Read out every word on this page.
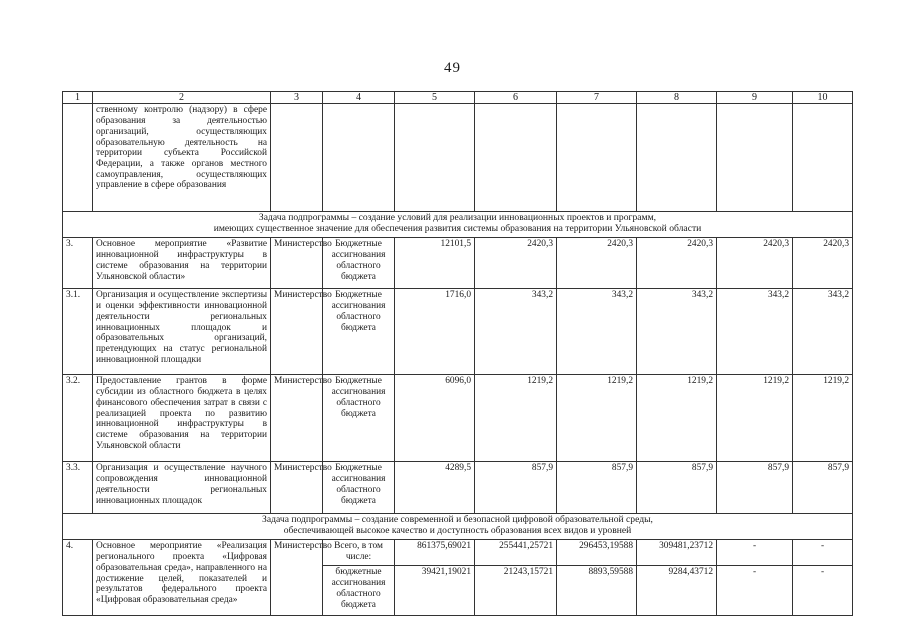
49
1	2	3	4	5	6	7	8	9	10
	ственному контролю (надзору) в сфере образования за деятельностью организаций, осуществляющих образовательную деятельность на территории субъекта Российской Федерации, а также органов местного самоуправления, осуществляющих управление в сфере образования								

Задача подпрограммы – создание условий для реализации инновационных проектов и программ,
имеющих существенное значение для обеспечения развития системы образования на территории Ульяновской области									

3.	Основное мероприятие «Развитие инновационной инфраструктуры в системе образования на территории Ульяновской области»	Министерство	Бюджетные ассигнования областного бюджета	12101,5	2420,3	2420,3	2420,3	2420,3	2420,3
3.1.	Организация и осуществление экспертизы и оценки эффективности инновационной деятельности региональных инновационных площадок и образовательных организаций, претендующих на статус региональной инновационной площадки	Министерство	Бюджетные ассигнования областного бюджета	1716,0	343,2	343,2	343,2	343,2	343,2
3.2.	Предоставление грантов в форме субсидии из областного бюджета в целях финансового обеспечения затрат в связи с реализацией проекта по развитию инновационной инфраструктуры в системе образования на территории Ульяновской области	Министерство	Бюджетные ассигнования областного бюджета	6096,0	1219,2	1219,2	1219,2	1219,2	1219,2
3.3.	Организация и осуществление научного сопровождения инновационной деятельности региональных инновационных площадок	Министерство	Бюджетные ассигнования областного бюджета	4289,5	857,9	857,9	857,9	857,9	857,9

Задача подпрограммы – создание современной и безопасной цифровой образовательной среды,
обеспечивающей высокое качество и доступность образования всех видов и уровней									

4.	Основное мероприятие «Реализация регионального проекта «Цифровая образовательная среда», направленного на достижение целей, показателей и результатов федерального проекта «Цифровая образовательная среда»	Министерство	Всего, в том числе:	861375,69021	255441,25721	296453,19588	309481,23712	-	-
			бюджетные ассигнования областного бюджета	39421,19021	21243,15721	8893,59588	9284,43712	-	-
